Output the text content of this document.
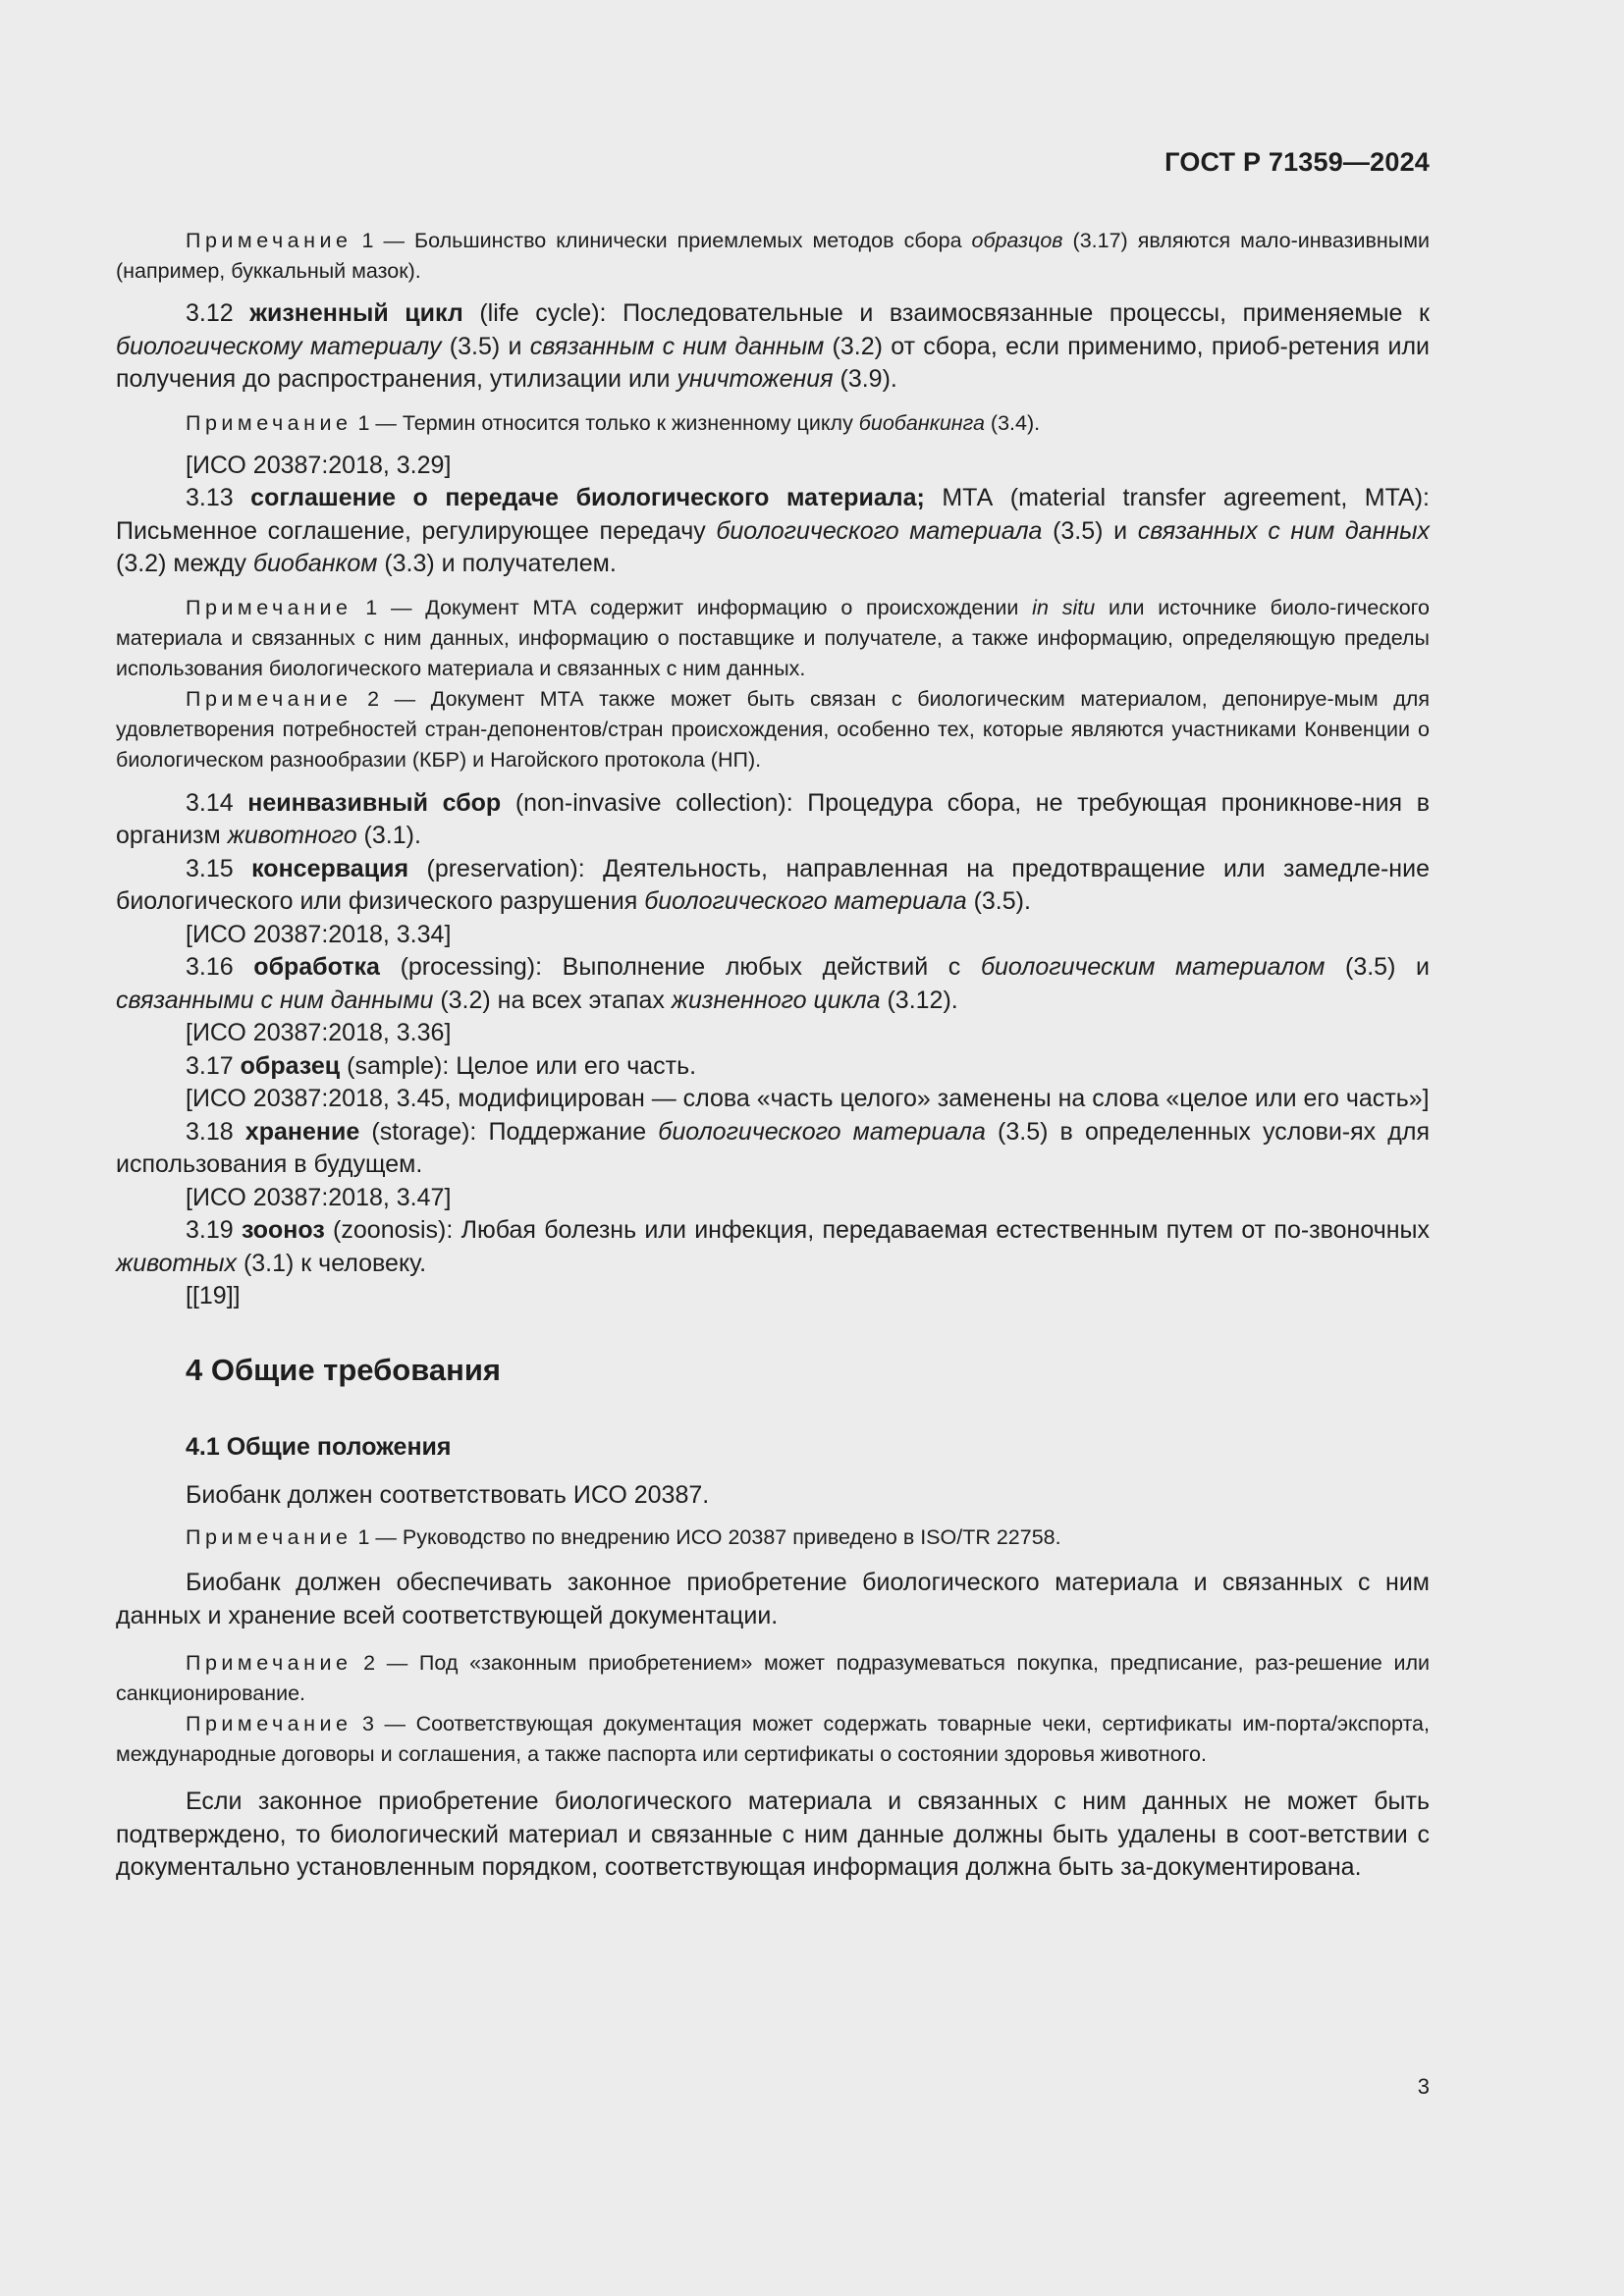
ГОСТ Р 71359—2024

Примечание 1 — Большинство клинически приемлемых методов сбора образцов (3.17) являются мало-инвазивными (например, буккальный мазок).

3.12 жизненный цикл (life cycle): Последовательные и взаимосвязанные процессы, применяемые к биологическому материалу (3.5) и связанным с ним данным (3.2) от сбора, если применимо, приоб-ретения или получения до распространения, утилизации или уничтожения (3.9).

Примечание 1 — Термин относится только к жизненному циклу биобанкинга (3.4).

[ИСО 20387:2018, 3.29]

3.13 соглашение о передаче биологического материала; МТА (material transfer agreement, MTA): Письменное соглашение, регулирующее передачу биологического материала (3.5) и связанных с ним данных (3.2) между биобанком (3.3) и получателем.

Примечание 1 — Документ МТА содержит информацию о происхождении in situ или источнике биоло-гического материала и связанных с ним данных, информацию о поставщике и получателе, а также информацию, определяющую пределы использования биологического материала и связанных с ним данных.

Примечание 2 — Документ МТА также может быть связан с биологическим материалом, депонируе-мым для удовлетворения потребностей стран-депонентов/стран происхождения, особенно тех, которые являются участниками Конвенции о биологическом разнообразии (КБР) и Нагойского протокола (НП).

3.14 неинвазивный сбор (non-invasive collection): Процедура сбора, не требующая проникнове-ния в организм животного (3.1).

3.15 консервация (preservation): Деятельность, направленная на предотвращение или замедле-ние биологического или физического разрушения биологического материала (3.5).

[ИСО 20387:2018, 3.34]

3.16 обработка (processing): Выполнение любых действий с биологическим материалом (3.5) и связанными с ним данными (3.2) на всех этапах жизненного цикла (3.12).

[ИСО 20387:2018, 3.36]

3.17 образец (sample): Целое или его часть.

[ИСО 20387:2018, 3.45, модифицирован — слова «часть целого» заменены на слова «целое или его часть»]

3.18 хранение (storage): Поддержание биологического материала (3.5) в определенных услови-ях для использования в будущем.

[ИСО 20387:2018, 3.47]

3.19 зооноз (zoonosis): Любая болезнь или инфекция, передаваемая естественным путем от по-звоночных животных (3.1) к человеку.

[[19]]

4 Общие требования
4.1 Общие положения

Биобанк должен соответствовать ИСО 20387.

Примечание 1 — Руководство по внедрению ИСО 20387 приведено в ISO/TR 22758.

Биобанк должен обеспечивать законное приобретение биологического материала и связанных с ним данных и хранение всей соответствующей документации.

Примечание 2 — Под «законным приобретением» может подразумеваться покупка, предписание, раз-решение или санкционирование.

Примечание 3 — Соответствующая документация может содержать товарные чеки, сертификаты им-порта/экспорта, международные договоры и соглашения, а также паспорта или сертификаты о состоянии здоровья животного.

Если законное приобретение биологического материала и связанных с ним данных не может быть подтверждено, то биологический материал и связанные с ним данные должны быть удалены в соот-ветствии с документально установленным порядком, соответствующая информация должна быть за-документирована.

3
